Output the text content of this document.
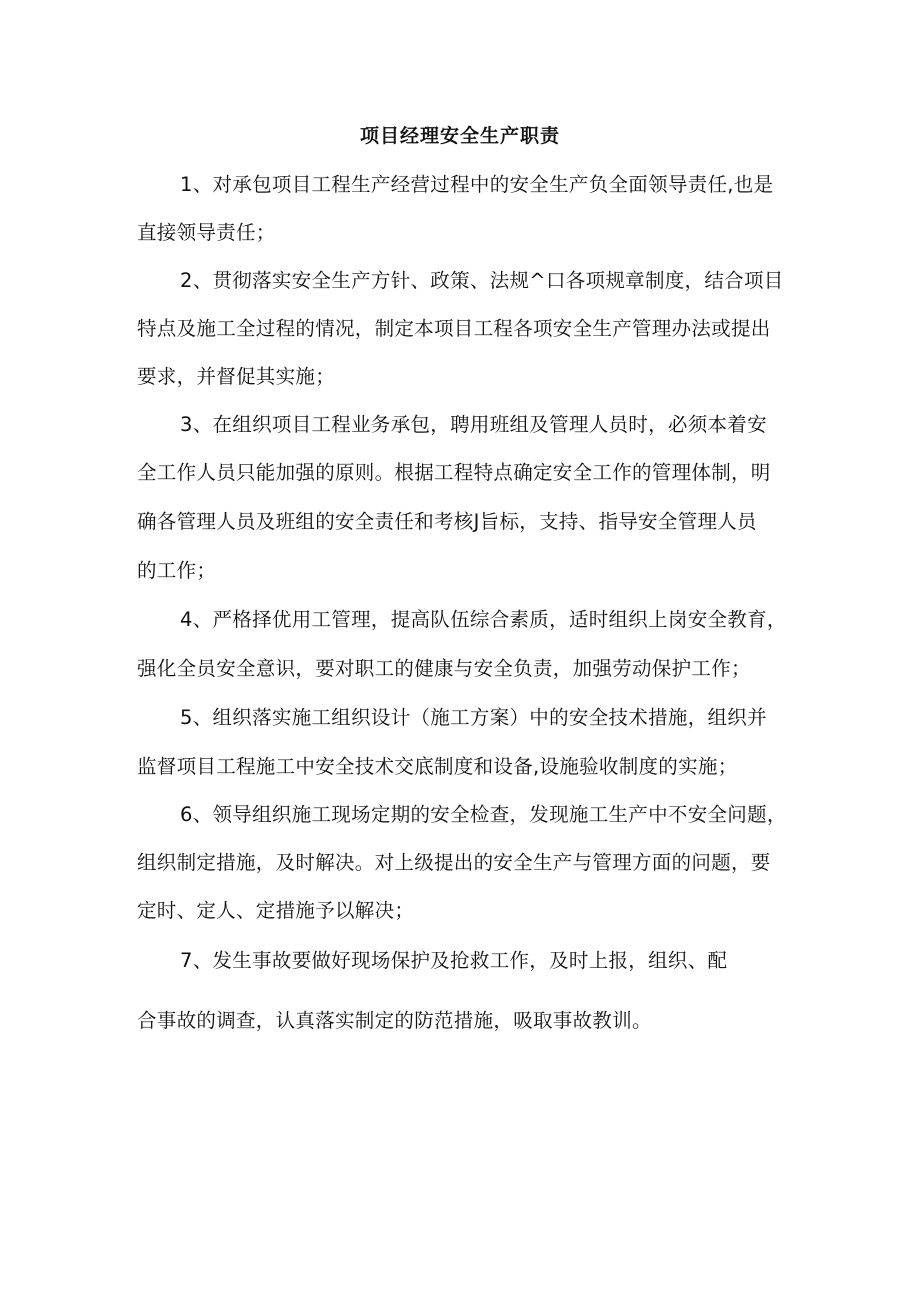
项目经理安全生产职责
1、对承包项目工程生产经营过程中的安全生产负全面领导责任,也是
直接领导责任；
2、贯彻落实安全生产方针、政策、法规^口各项规章制度，结合项目
特点及施工全过程的情况，制定本项目工程各项安全生产管理办法或提出
要求，并督促其实施；
3、在组织项目工程业务承包，聘用班组及管理人员时，必须本着安
全工作人员只能加强的原则。根据工程特点确定安全工作的管理体制，明
确各管理人员及班组的安全责任和考核J旨标，支持、指导安全管理人员
的工作；
4、严格择优用工管理，提高队伍综合素质，适时组织上岗安全教育，
强化全员安全意识，要对职工的健康与安全负责，加强劳动保护工作；
5、组织落实施工组织设计（施工方案）中的安全技术措施，组织并
监督项目工程施工中安全技术交底制度和设备,设施验收制度的实施；
6、领导组织施工现场定期的安全检查，发现施工生产中不安全问题，
组织制定措施，及时解决。对上级提出的安全生产与管理方面的问题，要
定时、定人、定措施予以解决；
7、发生事故要做好现场保护及抢救工作，及时上报，组织、配
合事故的调查，认真落实制定的防范措施，吸取事故教训。
